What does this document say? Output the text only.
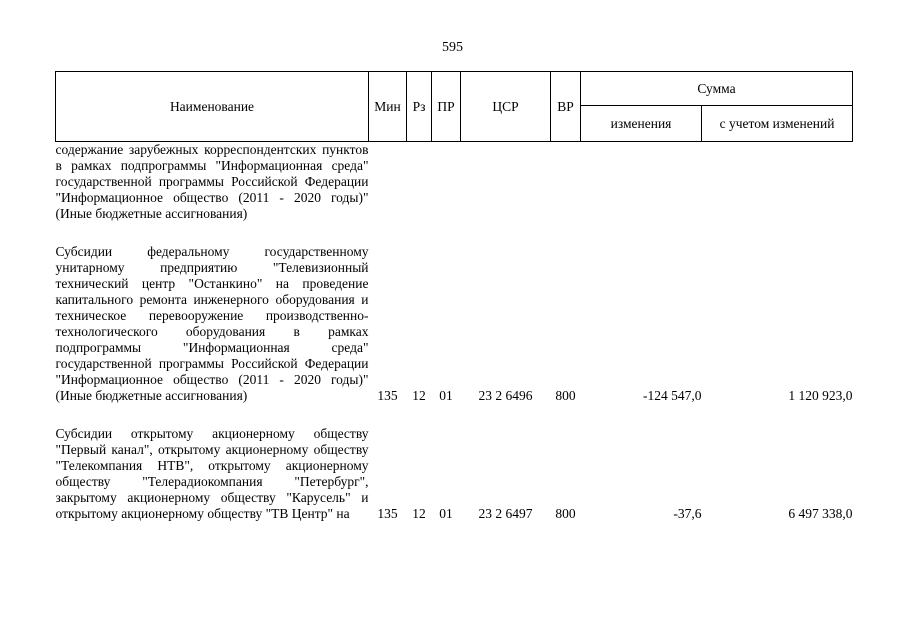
595
Наименование	Мин	Рз	ПР	ЦСР	ВР	Сумма	
						изменения	с учетом изменений
содержание зарубежных корреспондентских пунктов в рамках подпрограммы "Информационная среда" государственной программы Российской Федерации "Информационное общество (2011 - 2020 годы)" (Иные бюджетные ассигнования)							
Субсидии федеральному государственному унитарному предприятию "Телевизионный технический центр "Останкино" на проведение капитального ремонта инженерного оборудования и техническое перевооружение производственно-технологического оборудования в рамках подпрограммы "Информационная среда" государственной программы Российской Федерации "Информационное общество (2011 - 2020 годы)" (Иные бюджетные ассигнования)	135	12	01	23 2 6496	800	-124 547,0	1 120 923,0
Субсидии открытому акционерному обществу "Первый канал", открытому акционерному обществу "Телекомпания НТВ", открытому акционерному обществу "Телерадиокомпания "Петербург", закрытому акционерному обществу "Карусель" и открытому акционерному обществу "ТВ Центр" на	135	12	01	23 2 6497	800	-37,6	6 497 338,0
